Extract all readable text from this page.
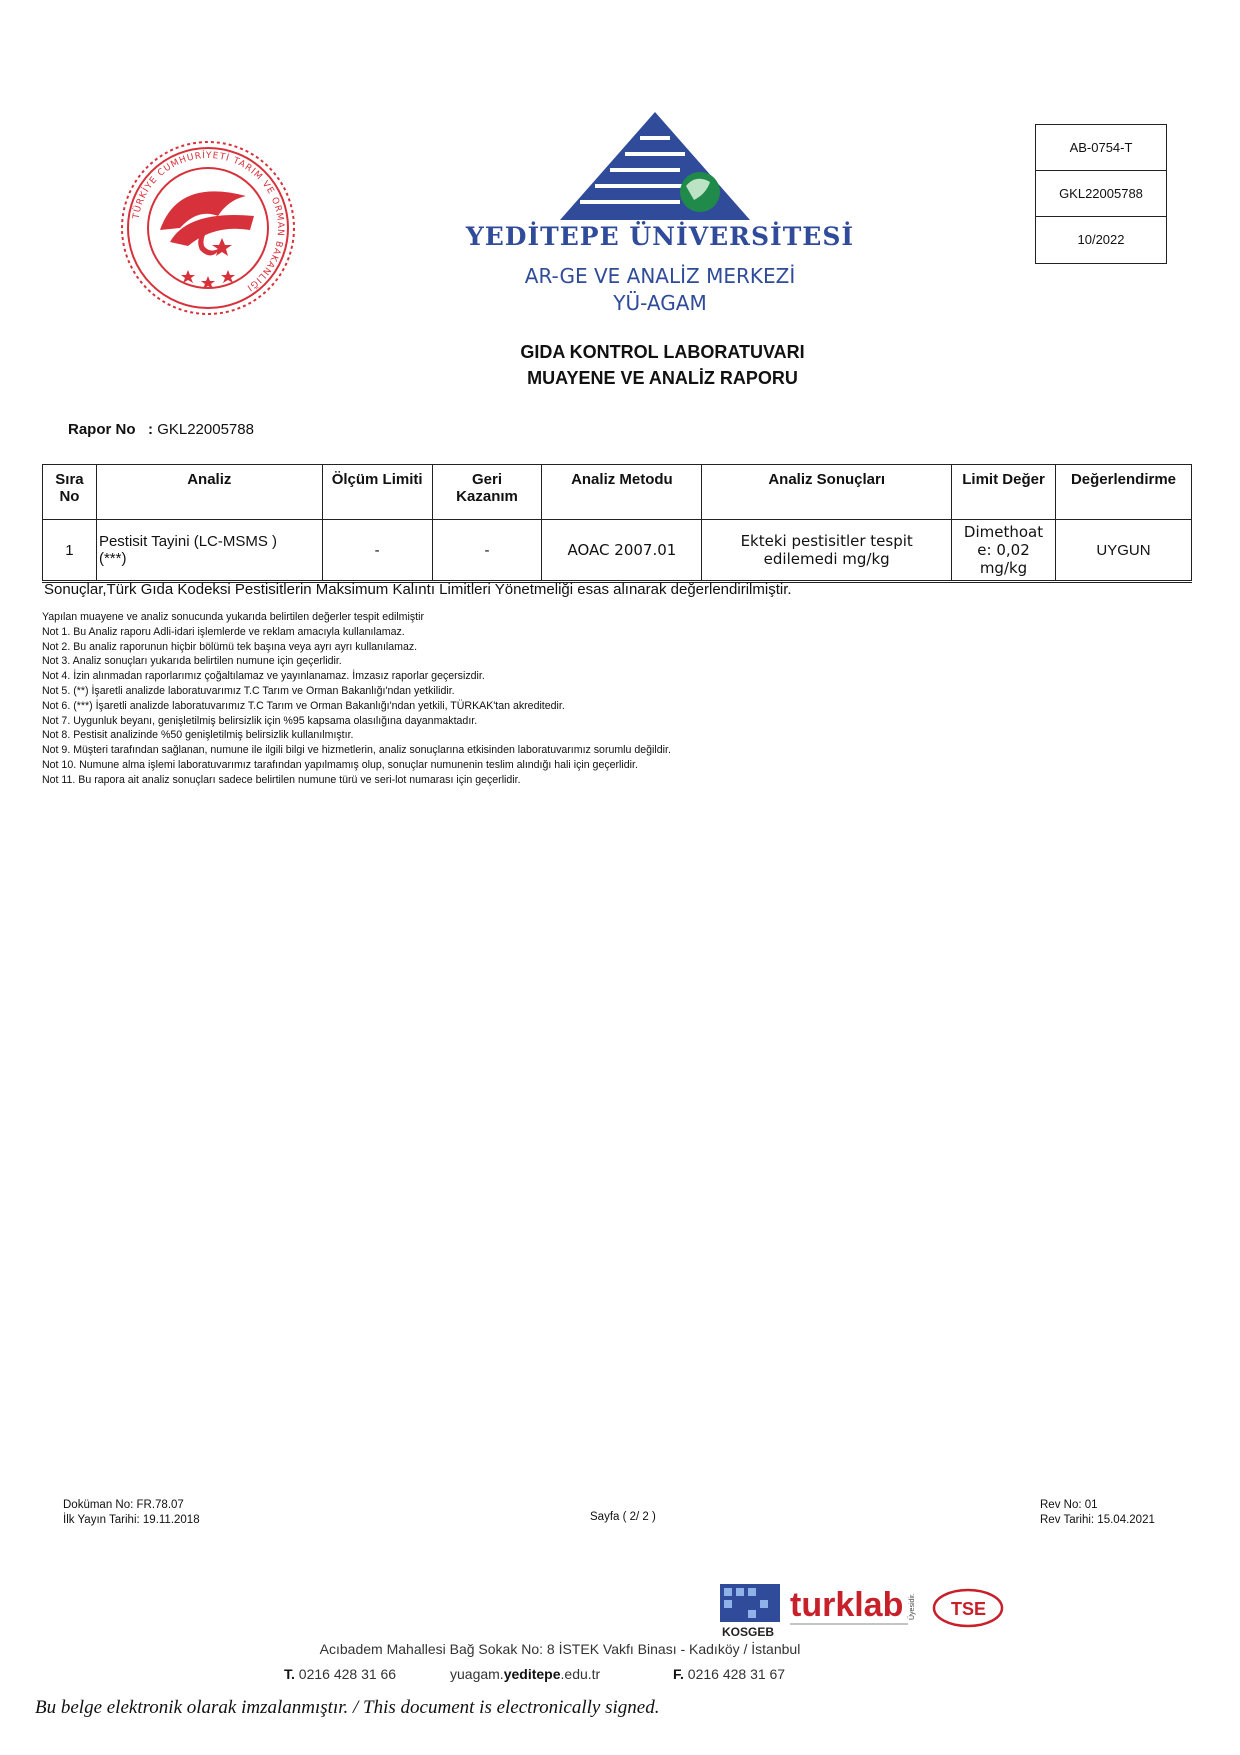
TÜRKİYE CUMHURİYETİ TARIM VE ORMAN BAKANLIĞI
YEDİTEPE ÜNİVERSİTESİ
AR-GE VE ANALİZ MERKEZİ
YÜ-AGAM
AB-0754-T
GKL22005788
10/2022
GIDA KONTROL LABORATUVARI
MUAYENE VE ANALİZ RAPORU
Rapor No : GKL22005788
Sıra
No	Analiz	Ölçüm Limiti	Geri
Kazanım	Analiz Metodu	Analiz Sonuçları	Limit Değer	Değerlendirme
1	Pestisit Tayini (LC-MSMS )
(***)	-	-	AOAC 2007.01	Ekteki pestisitler tespit
edilemedi mg/kg	Dimethoat
e: 0,02
mg/kg	UYGUN
Sonuçlar,Türk Gıda Kodeksi Pestisitlerin Maksimum Kalıntı Limitleri Yönetmeliği esas alınarak değerlendirilmiştir.
Yapılan muayene ve analiz sonucunda yukarıda belirtilen değerler tespit edilmiştir
Not 1. Bu Analiz raporu Adli-idari işlemlerde ve reklam amacıyla kullanılamaz.
Not 2. Bu analiz raporunun hiçbir bölümü tek başına veya ayrı ayrı kullanılamaz.
Not 3. Analiz sonuçları yukarıda belirtilen numune için geçerlidir.
Not 4. İzin alınmadan raporlarımız çoğaltılamaz ve yayınlanamaz. İmzasız raporlar geçersizdir.
Not 5. (**) İşaretli analizde laboratuvarımız T.C Tarım ve Orman Bakanlığı'ndan yetkilidir.
Not 6. (***) İşaretli analizde laboratuvarımız T.C Tarım ve Orman Bakanlığı'ndan yetkili, TÜRKAK'tan akreditedir.
Not 7. Uygunluk beyanı, genişletilmiş belirsizlik için %95 kapsama olasılığına dayanmaktadır.
Not 8. Pestisit analizinde %50 genişletilmiş belirsizlik kullanılmıştır.
Not 9. Müşteri tarafından sağlanan, numune ile ilgili bilgi ve hizmetlerin, analiz sonuçlarına etkisinden laboratuvarımız sorumlu değildir.
Not 10. Numune alma işlemi laboratuvarımız tarafından yapılmamış olup, sonuçlar numunenin teslim alındığı hali için geçerlidir.
Not 11. Bu rapora ait analiz sonuçları sadece belirtilen numune türü ve seri-lot numarası için geçerlidir.
Doküman No: FR.78.07
İlk Yayın Tarihi: 19.11.2018	Sayfa ( 2/ 2 )
Rev No: 01
Rev Tarihi: 15.04.2021
KOSGEB
turklab Üyesidir. TSE
Acıbadem Mahallesi Bağ Sokak No: 8 İSTEK Vakfı Binası - Kadıköy / İstanbul
T. 0216 428 31 66	yuagam.yeditepe.edu.tr	F. 0216 428 31 67
Bu belge elektronik olarak imzalanmıştır. / This document is electronically signed.
